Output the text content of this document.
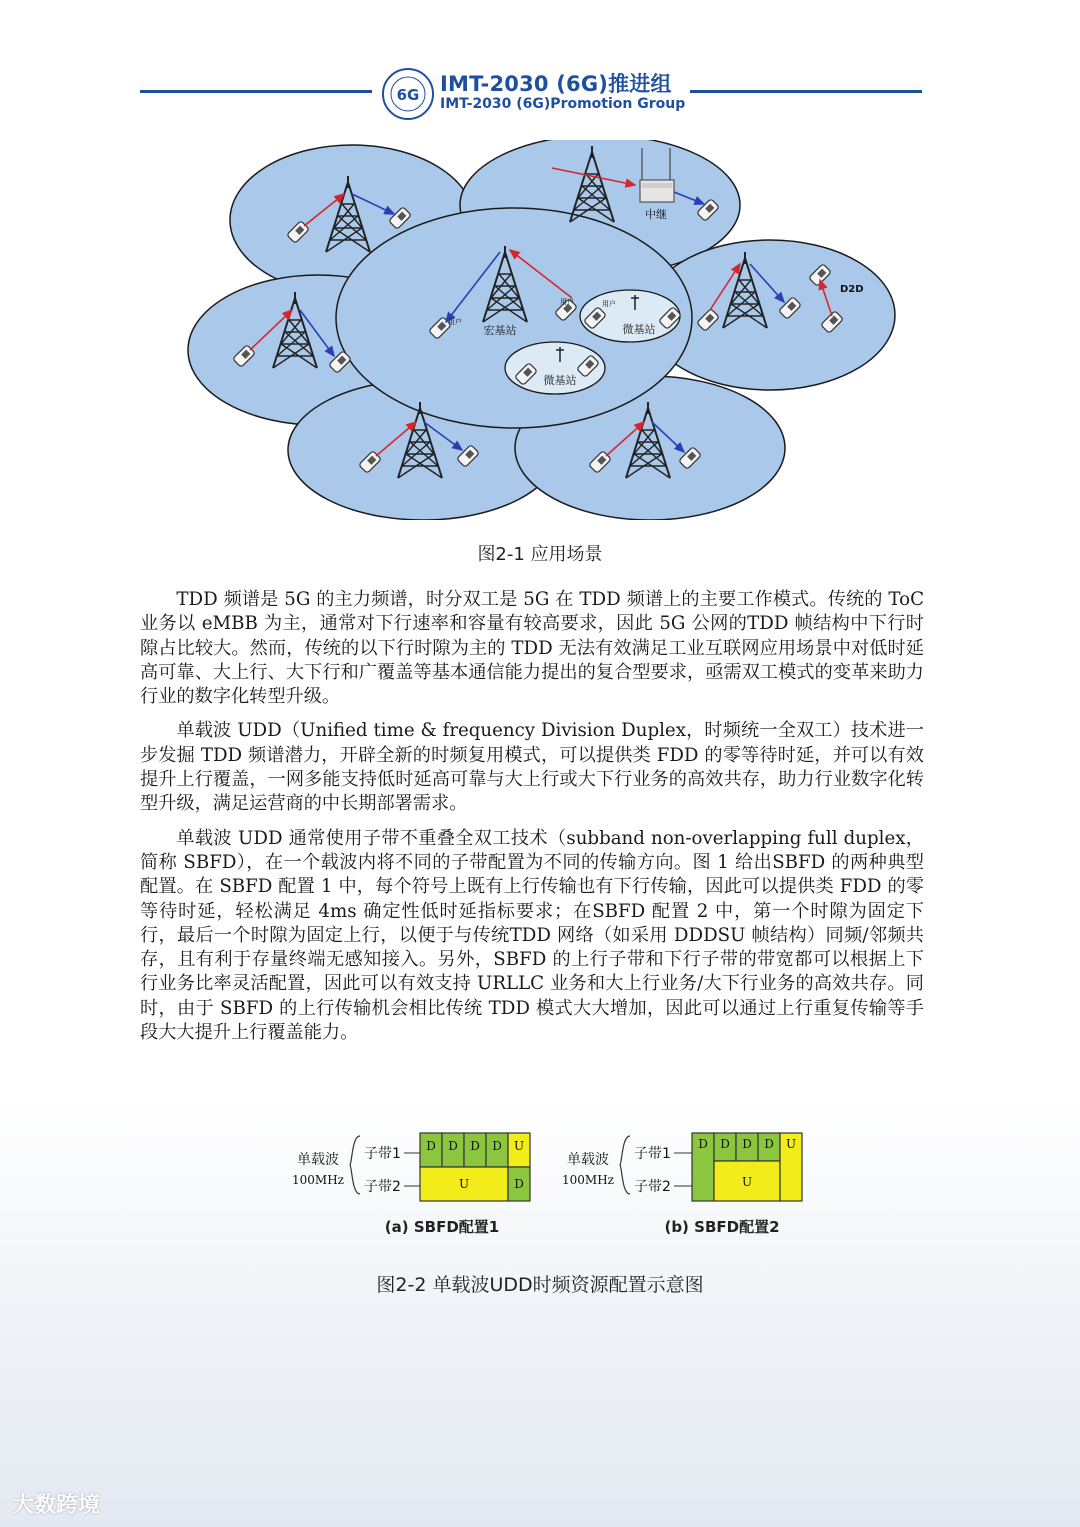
6G IMT-2030 (6G)推进组
IMT-2030 (6G)Promotion Group
宏基站	微基站
微基站
中继
D2D
用户
用户
用户
图2-1 应用场景

TDD 频谱是 5G 的主力频谱，时分双工是 5G 在 TDD 频谱上的主要工作模式。传统的 ToC 业务以 eMBB 为主，通常对下行速率和容量有较高要求，因此 5G 公网的TDD 帧结构中下行时隙占比较大。然而，传统的以下行时隙为主的 TDD 无法有效满足工业互联网应用场景中对低时延高可靠、大上行、大下行和广覆盖等基本通信能力提出的复合型要求，亟需双工模式的变革来助力行业的数字化转型升级。

单载波 UDD（Unified time & frequency Division Duplex，时频统一全双工）技术进一步发掘 TDD 频谱潜力，开辟全新的时频复用模式，可以提供类 FDD 的零等待时延，并可以有效提升上行覆盖，一网多能支持低时延高可靠与大上行或大下行业务的高效共存，助力行业数字化转型升级，满足运营商的中长期部署需求。

单载波 UDD 通常使用子带不重叠全双工技术（subband non-overlapping full duplex，简称 SBFD），在一个载波内将不同的子带配置为不同的传输方向。图 1 给出SBFD 的两种典型配置。在 SBFD 配置 1 中，每个符号上既有上行传输也有下行传输，因此可以提供类 FDD 的零等待时延，轻松满足 4ms 确定性低时延指标要求；在SBFD 配置 2 中，第一个时隙为固定下行，最后一个时隙为固定上行，以便于与传统TDD 网络（如采用 DDDSU 帧结构）同频/邻频共存，且有利于存量终端无感知接入。另外，SBFD 的上行子带和下行子带的带宽都可以根据上下行业务比率灵活配置，因此可以有效支持 URLLC 业务和大上行业务/大下行业务的高效共存。同时，由于 SBFD 的上行传输机会相比传统 TDD 模式大大增加，因此可以通过上行重复传输等手段大大提升上行覆盖能力。

单载波
100MHz
子带1
子带2
D D D D U
U	D
(a) SBFD配置1
单载波
100MHz
子带1
子带2
D D D D
U
U
(b) SBFD配置2
图2-2 单载波UDD时频资源配置示意图
大数跨境
